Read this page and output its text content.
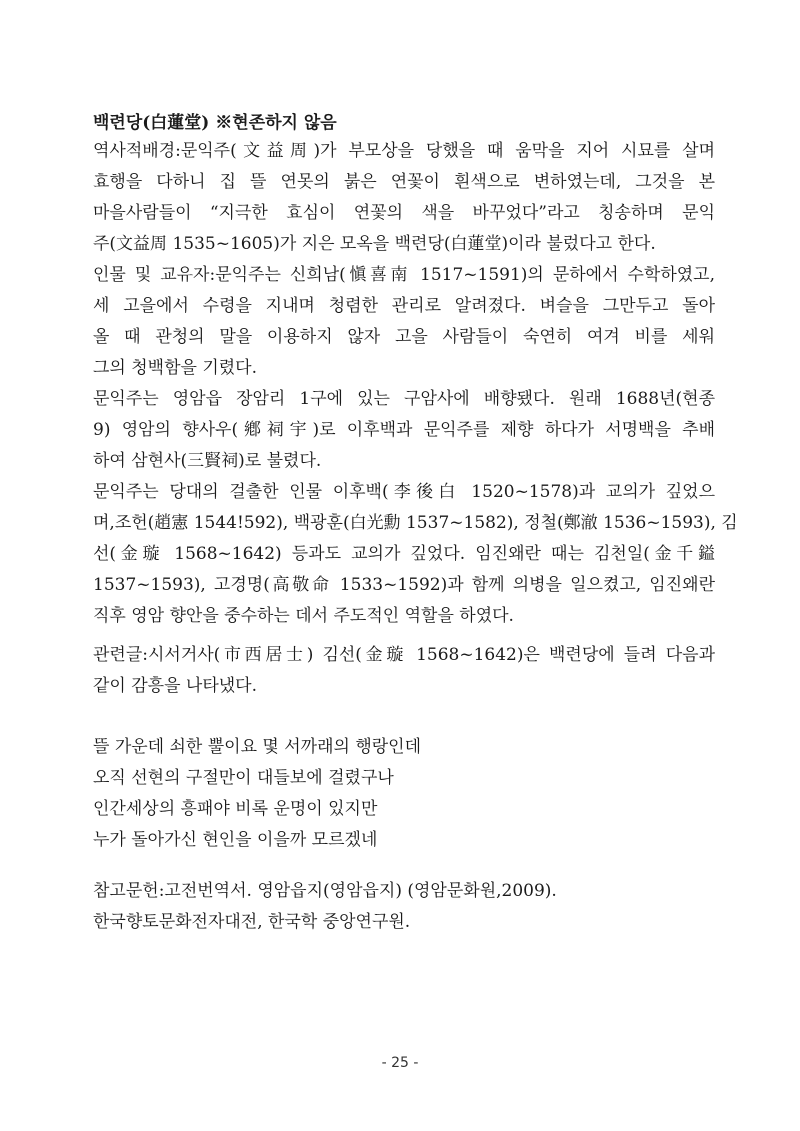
백련당(白蓮堂) ※현존하지 않음
역사적배경:문익주(文益周)가 부모상을 당했을 때 움막을 지어 시묘를 살며
효행을 다하니 집 뜰 연못의 붉은 연꽃이 흰색으로 변하였는데, 그것을 본
마을사람들이 “지극한 효심이 연꽃의 색을 바꾸었다”라고 칭송하며 문익
주(文益周 1535~1605)가 지은 모옥을 백련당(白蓮堂)이라 불렀다고 한다.
인물 및 교유자:문익주는 신희남(愼喜南 1517~1591)의 문하에서 수학하였고,
세 고을에서 수령을 지내며 청렴한 관리로 알려졌다. 벼슬을 그만두고 돌아
올 때 관청의 말을 이용하지 않자 고을 사람들이 숙연히 여겨 비를 세워
그의 청백함을 기렸다.
문익주는 영암읍 장암리 1구에 있는 구암사에 배향됐다. 원래 1688년(현종
9) 영암의 향사우(鄕祠宇)로 이후백과 문익주를 제향 하다가 서명백을 추배
하여 삼현사(三賢祠)로 불렸다.
문익주는 당대의 걸출한 인물 이후백(李後白 1520~1578)과 교의가 깊었으
며,조헌(趙憲 1544!592), 백광훈(白光勳 1537~1582), 정철(鄭澈 1536~1593), 김
선(金璇 1568~1642) 등과도 교의가 깊었다. 임진왜란 때는 김천일(金千鎰
1537~1593), 고경명(高敬命 1533~1592)과 함께 의병을 일으켰고, 임진왜란
직후 영암 향안을 중수하는 데서 주도적인 역할을 하였다.
관련글:시서거사(市西居士) 김선(金璇 1568~1642)은 백련당에 들려 다음과
같이 감흥을 나타냈다.
뜰 가운데 쇠한 뿔이요 몇 서까래의 행랑인데
오직 선현의 구절만이 대들보에 걸렸구나
인간세상의 흥패야 비록 운명이 있지만
누가 돌아가신 현인을 이을까 모르겠네
참고문헌:고전번역서. 영암읍지(영암읍지) (영암문화원,2009).
한국향토문화전자대전, 한국학 중앙연구원.
- 25 -
